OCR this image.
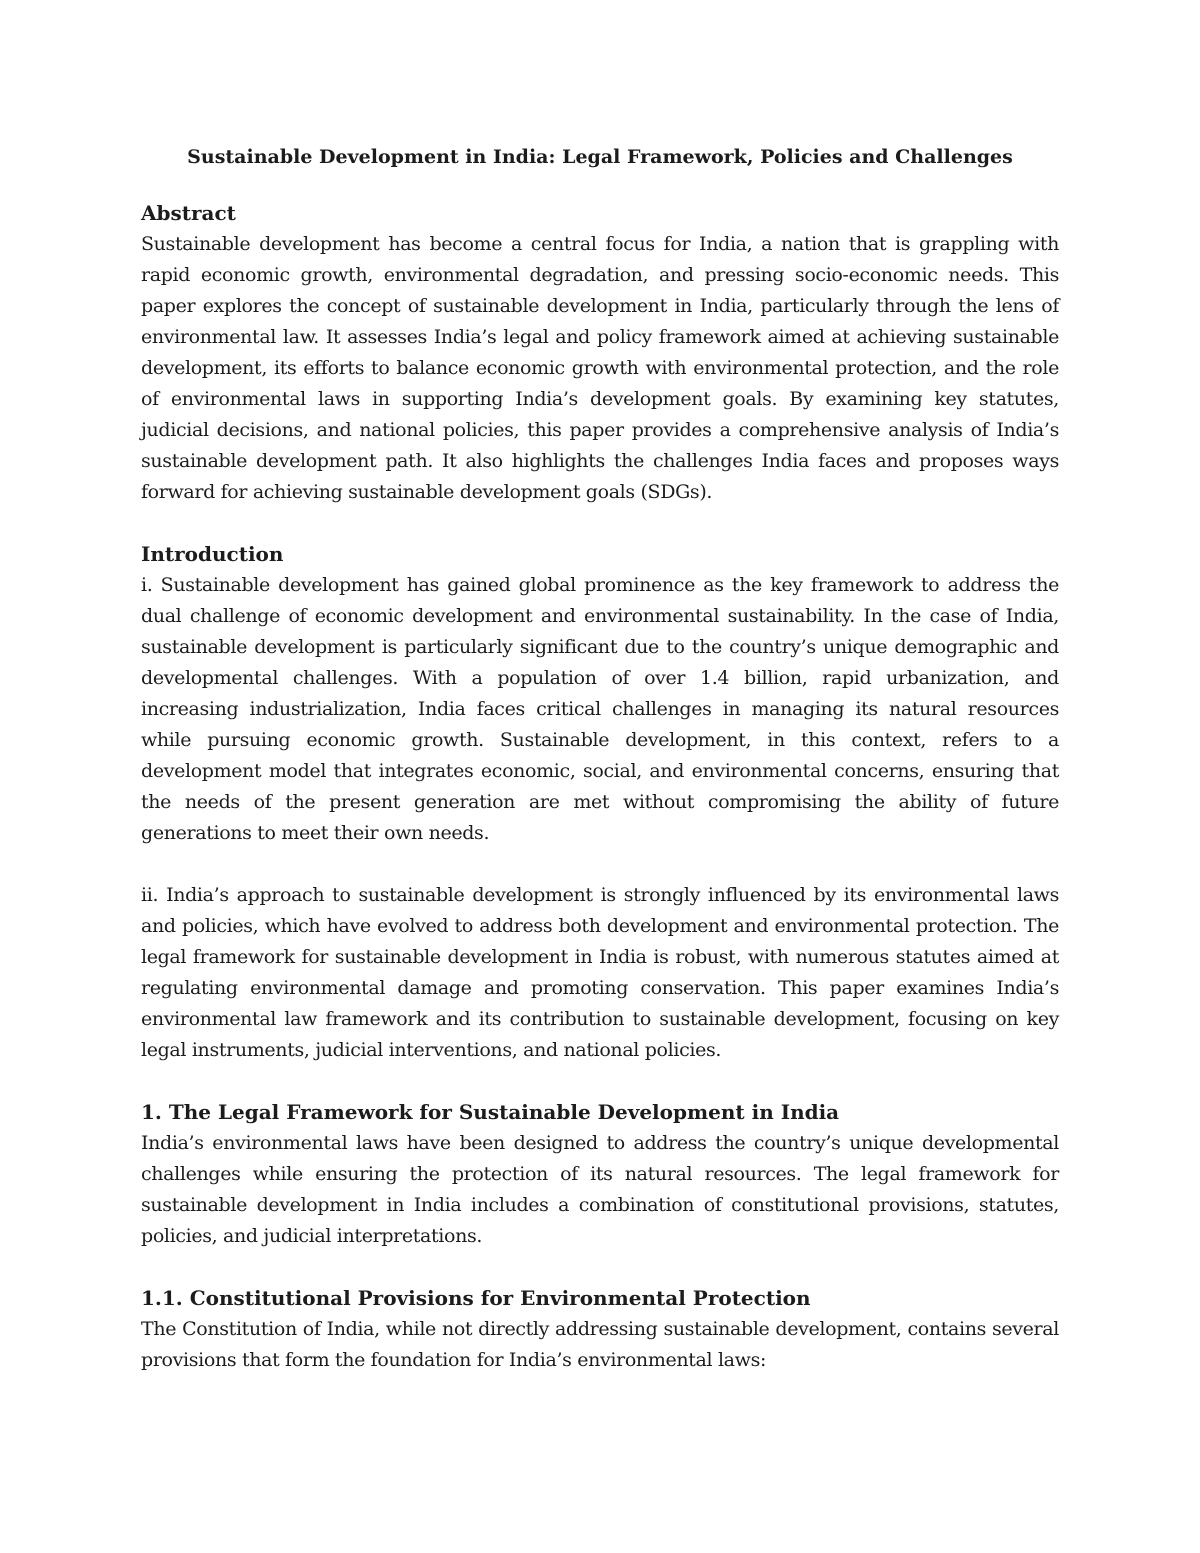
Sustainable Development in India: Legal Framework, Policies and Challenges
Abstract

Sustainable development has become a central focus for India, a nation that is grappling with rapid economic growth, environmental degradation, and pressing socio-economic needs. This paper explores the concept of sustainable development in India, particularly through the lens of environmental law. It assesses India’s legal and policy framework aimed at achieving sustainable development, its efforts to balance economic growth with environmental protection, and the role of environmental laws in supporting India’s development goals. By examining key statutes, judicial decisions, and national policies, this paper provides a comprehensive analysis of India’s sustainable development path. It also highlights the challenges India faces and proposes ways forward for achieving sustainable development goals (SDGs).

Introduction

i. Sustainable development has gained global prominence as the key framework to address the dual challenge of economic development and environmental sustainability. In the case of India, sustainable development is particularly significant due to the country’s unique demographic and developmental challenges. With a population of over 1.4 billion, rapid urbanization, and increasing industrialization, India faces critical challenges in managing its natural resources while pursuing economic growth. Sustainable development, in this context, refers to a development model that integrates economic, social, and environmental concerns, ensuring that the needs of the present generation are met without compromising the ability of future generations to meet their own needs.

ii. India’s approach to sustainable development is strongly influenced by its environmental laws and policies, which have evolved to address both development and environmental protection. The legal framework for sustainable development in India is robust, with numerous statutes aimed at regulating environmental damage and promoting conservation. This paper examines India’s environmental law framework and its contribution to sustainable development, focusing on key legal instruments, judicial interventions, and national policies.

1. The Legal Framework for Sustainable Development in India

India’s environmental laws have been designed to address the country’s unique developmental challenges while ensuring the protection of its natural resources. The legal framework for sustainable development in India includes a combination of constitutional provisions, statutes, policies, and judicial interpretations.

1.1. Constitutional Provisions for Environmental Protection

The Constitution of India, while not directly addressing sustainable development, contains several provisions that form the foundation for India’s environmental laws:
